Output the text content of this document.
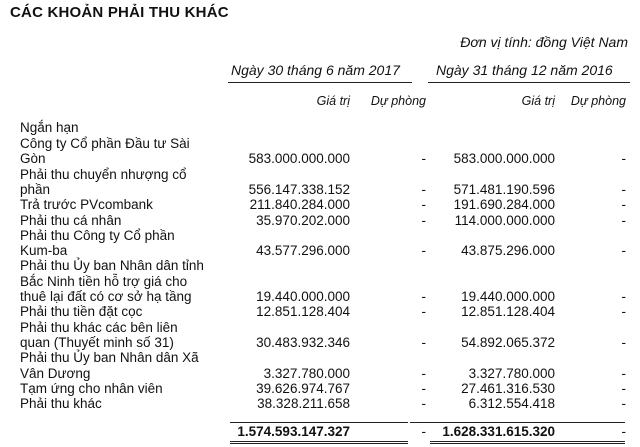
CÁC KHOẢN PHẢI THU KHÁC
Đơn vị tính: đồng Việt Nam
Ngày 30 tháng 6 năm 2017	Ngày 31 tháng 12 năm 2016
Giá trị Dự phòng	Giá trị Dự phòng
Ngắn hạn
Công ty Cổ phần Đầu tư Sài
Gòn	583.000.000.000	- 583.000.000.000	-
Phải thu chuyển nhượng cổ
phần	556.147.338.152	- 571.481.190.596	-
Trả trước PVcombank	211.840.284.000	- 191.690.284.000	-
Phải thu cá nhân	35.970.202.000	- 114.000.000.000	-
Phải thu Công ty Cổ phần
Kum-ba	43.577.296.000	-	43.875.296.000	-
Phải thu Ủy ban Nhân dân tỉnh
Bắc Ninh tiền hỗ trợ giá cho
thuê lại đất có cơ sở hạ tầng	19.440.000.000	-	19.440.000.000	-
Phải thu tiền đặt cọc	12.851.128.404	-	12.851.128.404	-
Phải thu khác các bên liên
quan (Thuyết minh số 31)	30.483.932.346	-	54.892.065.372	-
Phải thu Ủy ban Nhân dân Xã
Vân Dương	3.327.780.000	-	3.327.780.000	-
Tạm ứng cho nhân viên	39.626.974.767	-	27.461.316.530	-
Phải thu khác	38.328.211.658	-	6.312.554.418	-
1.574.593.147.327	- 1.628.331.615.320	-
